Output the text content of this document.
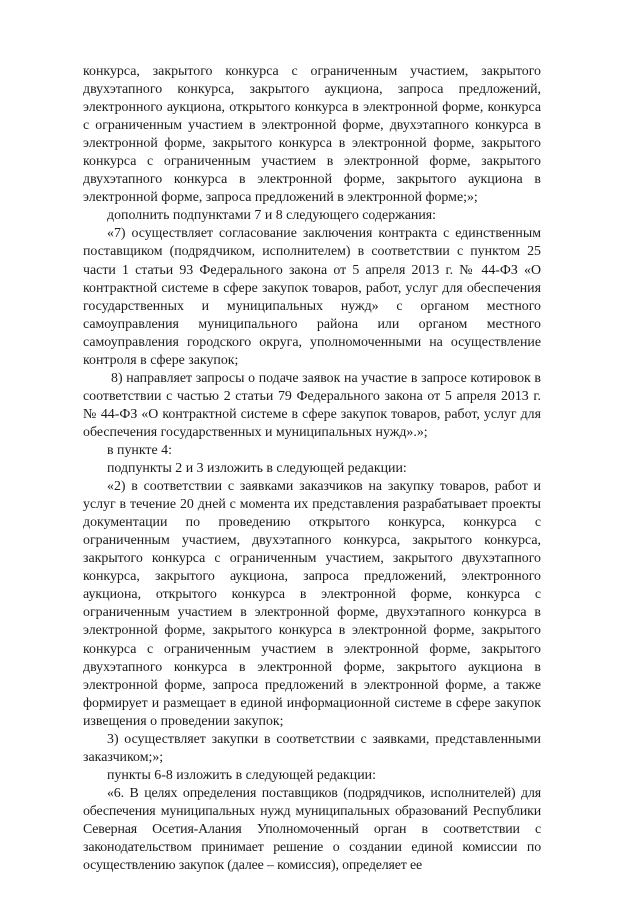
конкурса, закрытого конкурса с ограниченным участием, закрытого двухэтапного конкурса, закрытого аукциона, запроса предложений, электронного аукциона, открытого конкурса в электронной форме, конкурса с ограниченным участием в электронной форме, двухэтапного конкурса в электронной форме, закрытого конкурса в электронной форме, закрытого конкурса с ограниченным участием в электронной форме, закрытого двухэтапного конкурса в электронной форме, закрытого аукциона в электронной форме, запроса предложений в электронной форме;»;

дополнить подпунктами 7 и 8 следующего содержания:

«7) осуществляет согласование заключения контракта с единственным поставщиком (подрядчиком, исполнителем) в соответствии с пунктом 25 части 1 статьи 93 Федерального закона от 5 апреля 2013 г. № 44-ФЗ «О контрактной системе в сфере закупок товаров, работ, услуг для обеспечения государственных и муниципальных нужд» с органом местного самоуправления муниципального района или органом местного самоуправления городского округа, уполномоченными на осуществление контроля в сфере закупок;

8) направляет запросы о подаче заявок на участие в запросе котировок в соответствии с частью 2 статьи 79 Федерального закона от 5 апреля 2013 г. № 44-ФЗ «О контрактной системе в сфере закупок товаров, работ, услуг для обеспечения государственных и муниципальных нужд».»;

в пункте 4:

подпункты 2 и 3 изложить в следующей редакции:

«2) в соответствии с заявками заказчиков на закупку товаров, работ и услуг в течение 20 дней с момента их представления разрабатывает проекты документации по проведению открытого конкурса, конкурса с ограниченным участием, двухэтапного конкурса, закрытого конкурса, закрытого конкурса с ограниченным участием, закрытого двухэтапного конкурса, закрытого аукциона, запроса предложений, электронного аукциона, открытого конкурса в электронной форме, конкурса с ограниченным участием в электронной форме, двухэтапного конкурса в электронной форме, закрытого конкурса в электронной форме, закрытого конкурса с ограниченным участием в электронной форме, закрытого двухэтапного конкурса в электронной форме, закрытого аукциона в электронной форме, запроса предложений в электронной форме, а также формирует и размещает в единой информационной системе в сфере закупок извещения о проведении закупок;

3) осуществляет закупки в соответствии с заявками, представленными заказчиком;»;

пункты 6-8 изложить в следующей редакции:

«6. В целях определения поставщиков (подрядчиков, исполнителей) для обеспечения муниципальных нужд муниципальных образований Республики Северная Осетия-Алания Уполномоченный орган в соответствии с законодательством принимает решение о создании единой комиссии по осуществлению закупок (далее – комиссия), определяет ее
